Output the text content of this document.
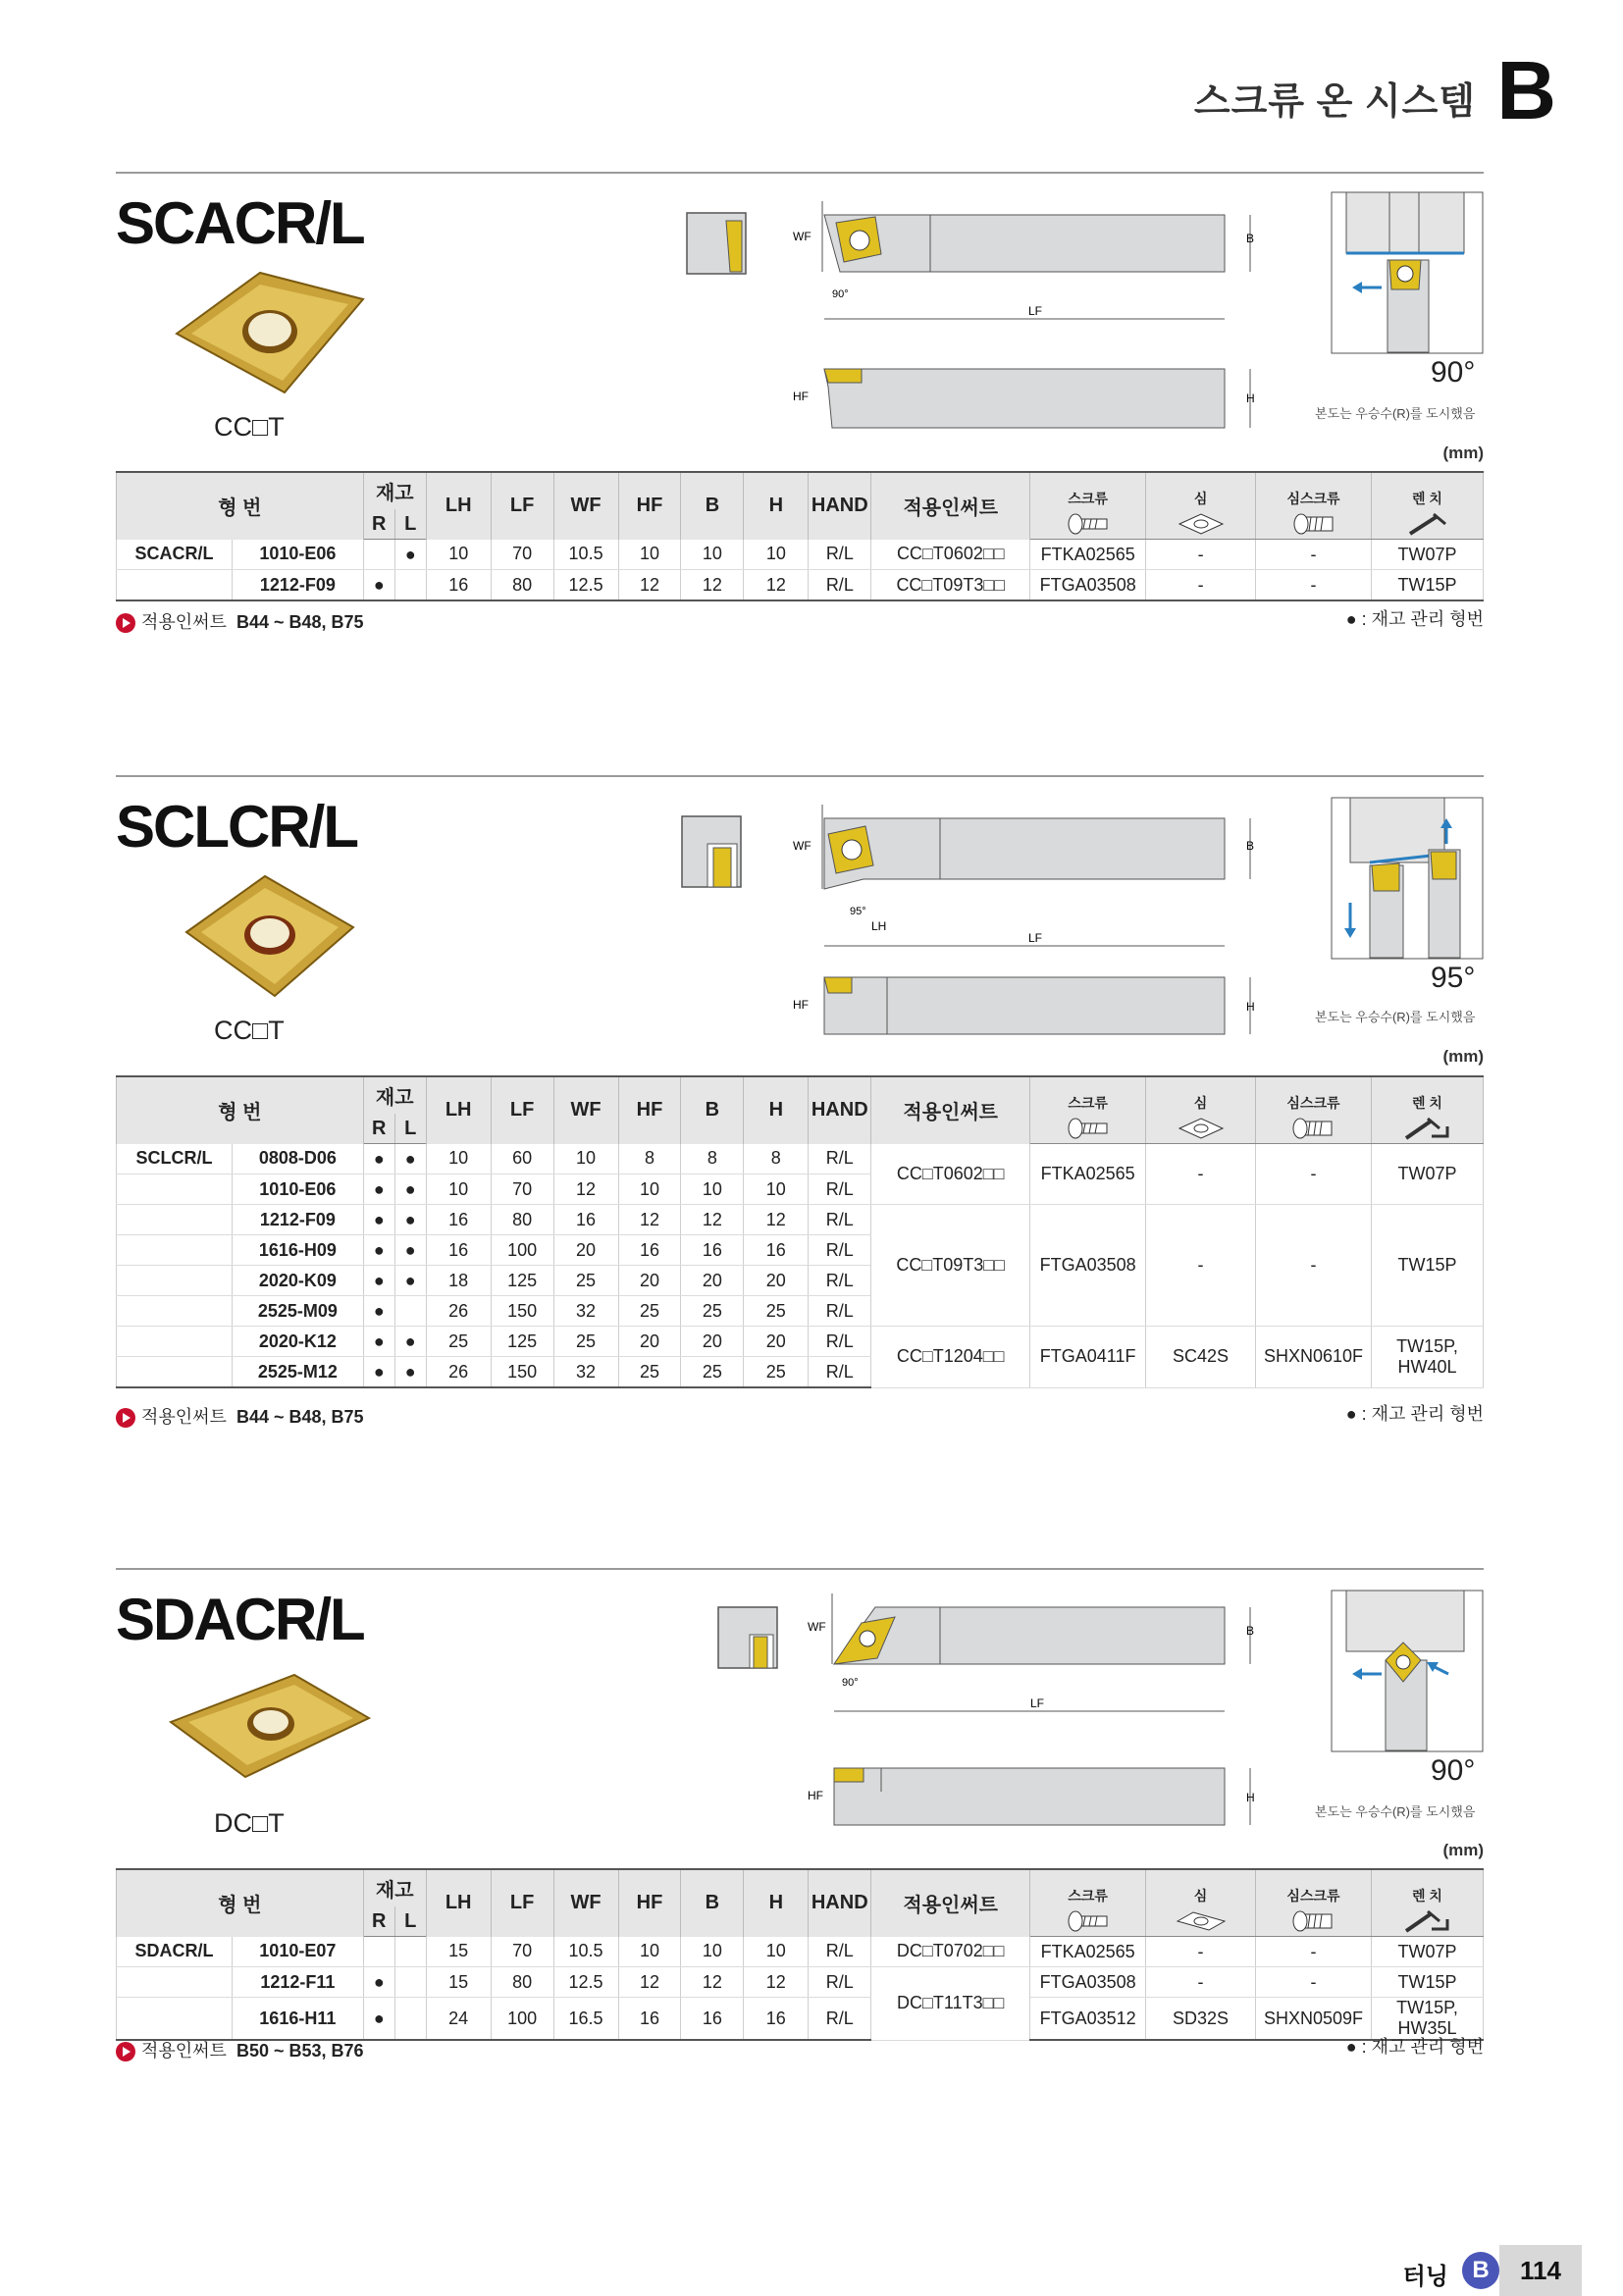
스크류 온 시스템 B
SCACR/L
CC□T
WF	B
90°
LF
HF	H
90°
본도는 우승수(R)를 도시했음
(mm)
형 번		재고		LH	LF	WF	HF	B	H	HAND	적용인써트	스크류	심	심스크류	렌 치
		R	L	

SCACR/L	1010-E06		●	10	70	10.5	10	10	10	R/L	CC□T0602□□	FTKA02565	-	-	TW07P
	1212-F09	●		16	80	12.5	12	12	12	R/L	CC□T09T3□□	FTGA03508	-	-	TW15P
적용인써트 B44 ~ B48, B75	● : 재고 관리 형번
SCLCR/L
CC□T
WF	B
95°
LH
LF
HF	H
95°
본도는 우승수(R)를 도시했음
(mm)
형 번		재고		LH	LF	WF	HF	B	H	HAND	적용인써트	스크류	심	심스크류	렌 치
		R	L	

SCLCR/L	0808-D06	●	●	10	60	10	8	8	8	R/L	CC□T0602□□	FTKA02565	-	-	TW07P
	1010-E06	●	●	10	70	12	10	10	10	R/L					
	1212-F09	●	●	16	80	16	12	12	12	R/L	CC□T09T3□□	FTGA03508	-	-	TW15P
	1616-H09	●	●	16	100	20	16	16	16	R/L					
	2020-K09	●	●	18	125	25	20	20	20	R/L					
	2525-M09	●		26	150	32	25	25	25	R/L					
	2020-K12	●	●	25	125	25	20	20	20	R/L	CC□T1204□□	FTGA0411F	SC42S	SHXN0610F	TW15P, HW40L
	2525-M12	●	●	26	150	32	25	25	25	R/L					
적용인써트 B44 ~ B48, B75	● : 재고 관리 형번
SDACR/L
DC□T
WF	B
90°
LF
HF	H
90°
본도는 우승수(R)를 도시했음
(mm)
형 번		재고		LH	LF	WF	HF	B	H	HAND	적용인써트	스크류	심	심스크류	렌 치
		R	L	

SDACR/L	1010-E07			15	70	10.5	10	10	10	R/L	DC□T0702□□	FTKA02565	-	-	TW07P
	1212-F11	●		15	80	12.5	12	12	12	R/L	DC□T11T3□□	FTGA03508	-	-	TW15P
	1616-H11	●		24	100	16.5	16	16	16	R/L		FTGA03512	SD32S	SHXN0509F	TW15P, HW35L
적용인써트 B50 ~ B53, B76	● : 재고 관리 형번
터닝	B	114
